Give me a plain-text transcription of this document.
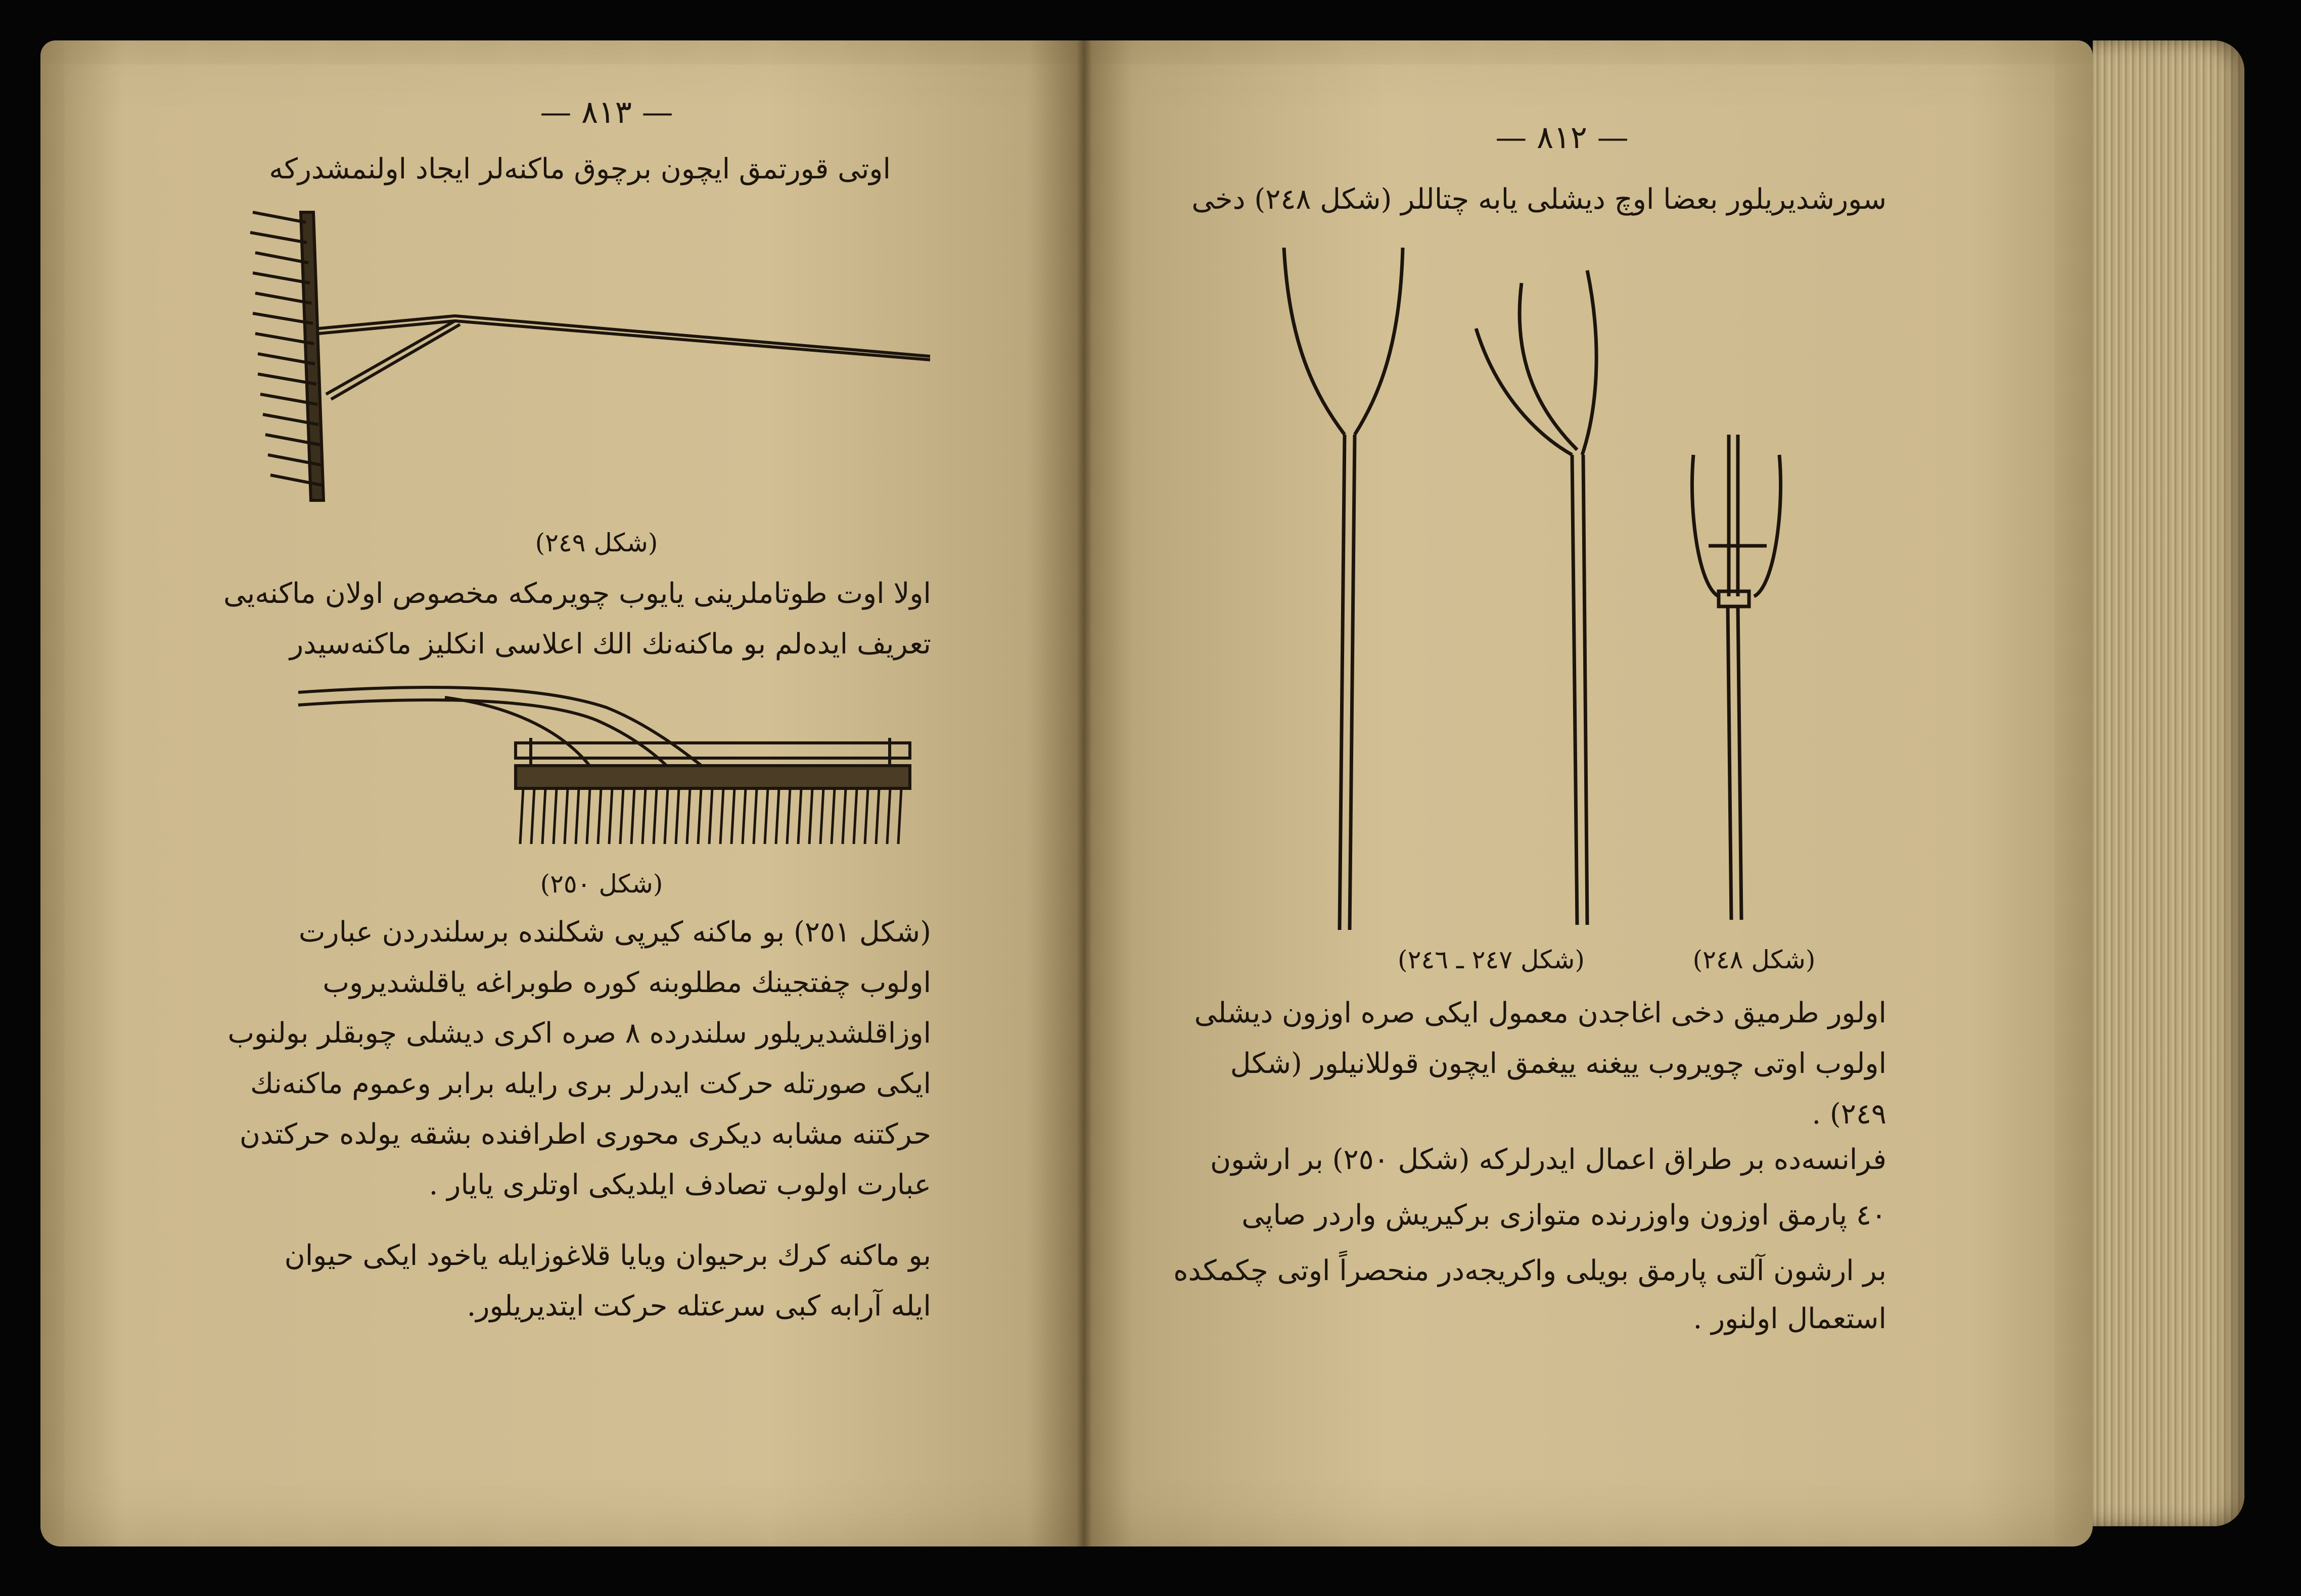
— ٨١٣ —
اوتی قورتمق ایچون برچوق ماکنه‌لر ایجاد اولنمشدرکه
(شکل ٢٤٩)
اولا اوت طوتاملرینی یایوب چویرمکه مخصوص اولان ماکنه‌یی
تعریف ایده‌لم بو ماکنه‌نك الك اعلاسی انکلیز ماکنه‌سیدر
(شکل ٢٥٠)
(شکل ٢٥١) بو ماکنه کیرپی شکلنده برسلندردن عبارت
اولوب چفتجینك مطلوبنه کوره طوبراغه یاقلشدیروب
اوزاقلشدیریلور سلندرده ٨ صره اکری دیشلی چوبقلر بولنوب
ایکی صورتله حرکت ایدرلر بری رایله برابر وعموم ماکنه‌نك
حرکتنه مشابه دیکری محوری اطرافنده بشقه یولده حرکتدن
عبارت اولوب تصادف ایلدیکی اوتلری یایار .
بو ماکنه کرك برحیوان ویایا قلاغوزایله یاخود ایکی حیوان
ایله آرابه کبی سرعتله حرکت ایتدیریلور.
— ٨١٢ —
سورشدیریلور بعضا اوچ دیشلی یابه چتاللر (شکل ٢٤٨) دخی
(شکل ٢٤٧ ـ ٢٤٦)	(شکل ٢٤٨)
اولور طرمیق دخی اغاجدن معمول ایکی صره اوزون دیشلی
اولوب اوتی چویروب ییغنه ییغمق ایچون قوللانیلور (شکل
٢٤٩) .
فرانسه‌ده بر طراق اعمال ایدرلرکه (شکل ٢٥٠) بر ارشون
٤٠ پارمق اوزون واوزرنده متوازی برکیریش واردر صاپی
بر ارشون آلتی پارمق بویلی واکریجه‌در منحصراً اوتی چکمکده
استعمال اولنور .
